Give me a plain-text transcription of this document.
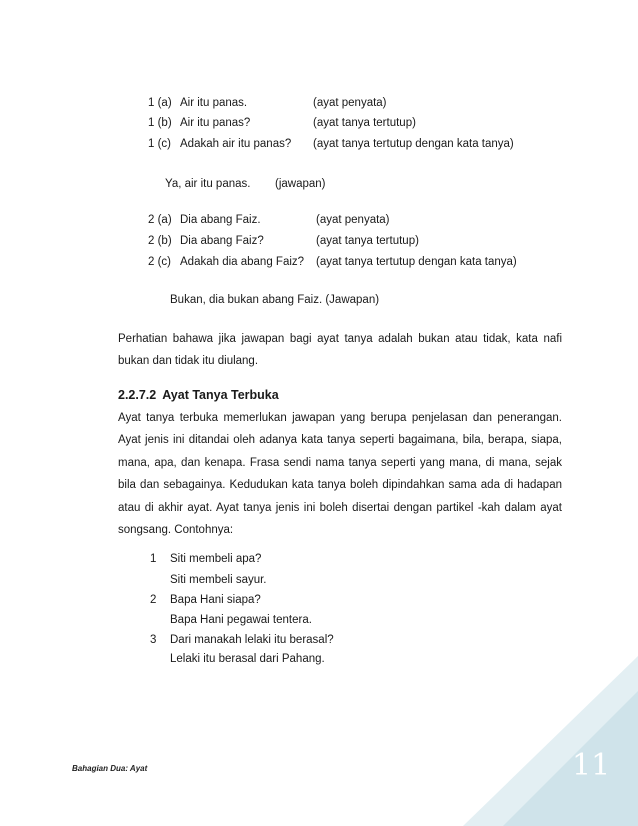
1 (a) Air itu panas.	(ayat penyata)
1 (b) Air itu panas?	(ayat tanya tertutup)
1 (c) Adakah air itu panas? (ayat tanya tertutup dengan kata tanya)
Ya, air itu panas. (jawapan)
2 (a) Dia abang Faiz.	(ayat penyata)
2 (b) Dia abang Faiz?	(ayat tanya tertutup)
2 (c) Adakah dia abang Faiz? (ayat tanya tertutup dengan kata tanya)
Bukan, dia bukan abang Faiz. (Jawapan)
Perhatian bahawa jika jawapan bagi ayat tanya adalah bukan atau tidak, kata nafi
bukan dan tidak itu diulang.
2.2.7.2 Ayat Tanya Terbuka
Ayat tanya terbuka memerlukan jawapan yang berupa penjelasan dan penerangan.
Ayat jenis ini ditandai oleh adanya kata tanya seperti bagaimana, bila, berapa, siapa,
mana, apa, dan kenapa. Frasa sendi nama tanya seperti yang mana, di mana, sejak
bila dan sebagainya. Kedudukan kata tanya boleh dipindahkan sama ada di hadapan
atau di akhir ayat. Ayat tanya jenis ini boleh disertai dengan partikel -kah dalam ayat
songsang. Contohnya:
1 Siti membeli apa?
Siti membeli sayur.
2 Bapa Hani siapa?
Bapa Hani pegawai tentera.
3 Dari manakah lelaki itu berasal?
Lelaki itu berasal dari Pahang.
Bahagian Dua: Ayat	11
